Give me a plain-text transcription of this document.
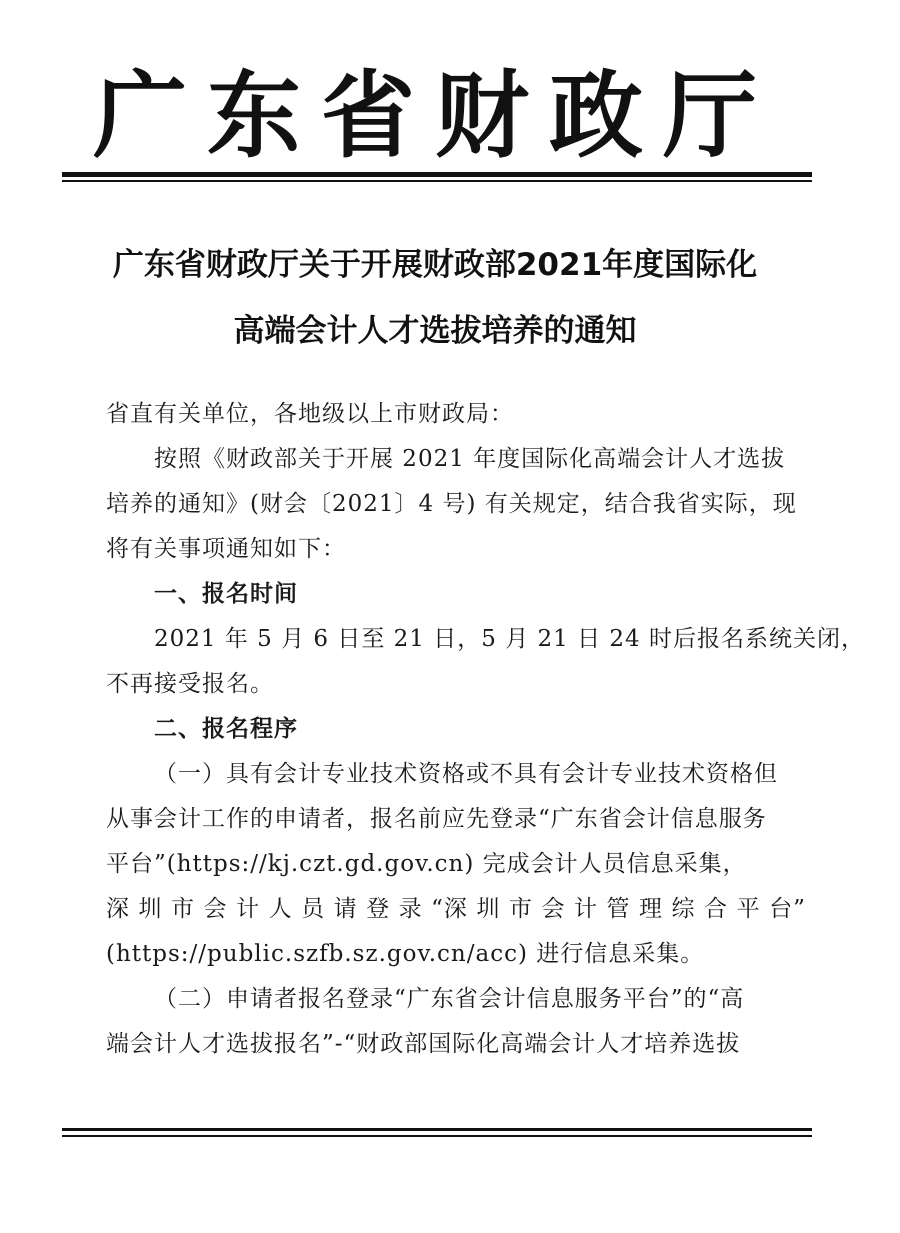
广东省财政厅
广东省财政厅关于开展财政部2021年度国际化
高端会计人才选拔培养的通知

省直有关单位，各地级以上市财政局：

按照《财政部关于开展 2021 年度国际化高端会计人才选拔

培养的通知》(财会〔2021〕4 号) 有关规定，结合我省实际，现

将有关事项通知如下：

一、报名时间

2021 年 5 月 6 日至 21 日，5 月 21 日 24 时后报名系统关闭，

不再接受报名。

二、报名程序

（一）具有会计专业技术资格或不具有会计专业技术资格但

从事会计工作的申请者，报名前应先登录“广东省会计信息服务

平台”(https://kj.czt.gd.gov.cn) 完成会计人员信息采集，

深 圳 市 会 计 人 员 请 登 录 “深 圳 市 会 计 管 理 综 合 平 台”

(https://public.szfb.sz.gov.cn/acc) 进行信息采集。

（二）申请者报名登录“广东省会计信息服务平台”的“高

端会计人才选拔报名”-“财政部国际化高端会计人才培养选拔
